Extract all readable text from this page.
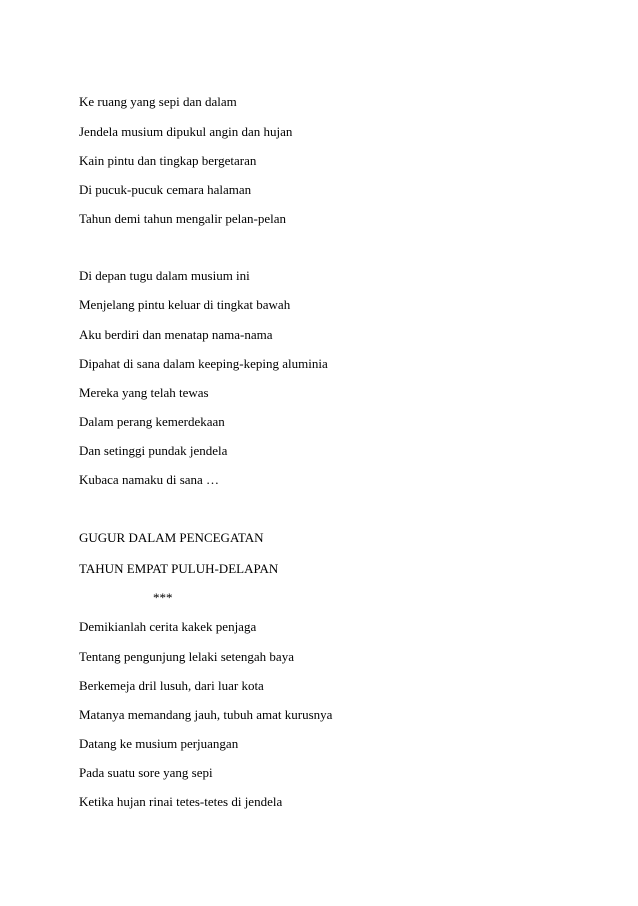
Ke ruang yang sepi dan dalam
Jendela musium dipukul angin dan hujan
Kain pintu dan tingkap bergetaran
Di pucuk-pucuk cemara halaman
Tahun demi tahun mengalir pelan-pelan
Di depan tugu dalam musium ini
Menjelang pintu keluar di tingkat bawah
Aku berdiri dan menatap nama-nama
Dipahat di sana dalam keeping-keping aluminia
Mereka yang telah tewas
Dalam perang kemerdekaan
Dan setinggi pundak jendela
Kubaca namaku di sana …
GUGUR DALAM PENCEGATAN
TAHUN EMPAT PULUH-DELAPAN
***
Demikianlah cerita kakek penjaga
Tentang pengunjung lelaki setengah baya
Berkemeja dril lusuh, dari luar kota
Matanya memandang jauh, tubuh amat kurusnya
Datang ke musium perjuangan
Pada suatu sore yang sepi
Ketika hujan rinai tetes-tetes di jendela
